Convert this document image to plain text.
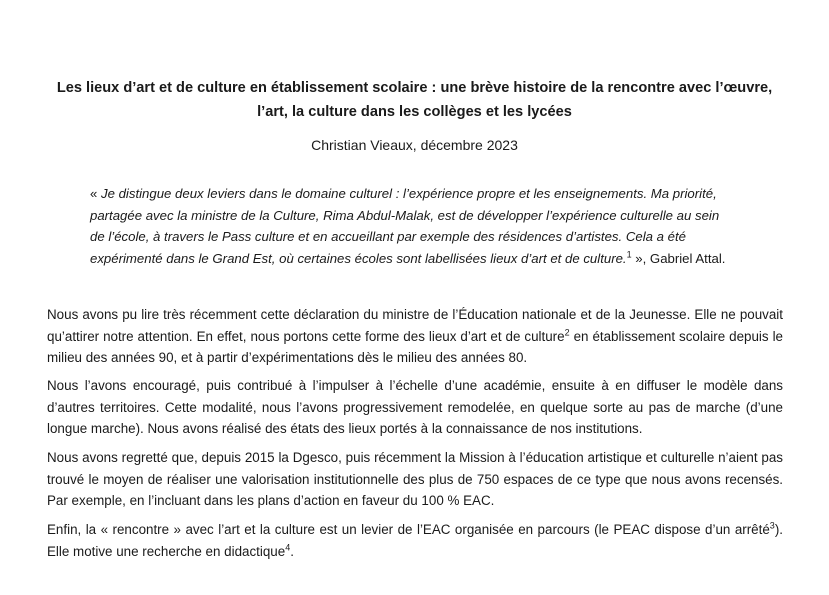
Les lieux d’art et de culture en établissement scolaire : une brève histoire de la rencontre avec l’œuvre, l’art, la culture dans les collèges et les lycées

Christian Vieaux, décembre 2023

« Je distingue deux leviers dans le domaine culturel : l’expérience propre et les enseignements. Ma priorité, partagée avec la ministre de la Culture, Rima Abdul-Malak, est de développer l’expérience culturelle au sein de l’école, à travers le Pass culture et en accueillant par exemple des résidences d’artistes. Cela a été expérimenté dans le Grand Est, où certaines écoles sont labellisées lieux d’art et de culture.$^1$ », Gabriel Attal.

Nous avons pu lire très récemment cette déclaration du ministre de l’Éducation nationale et de la Jeunesse. Elle ne pouvait qu’attirer notre attention. En effet, nous portons cette forme des lieux d’art et de culture$^2$ en établissement scolaire depuis le milieu des années 90, et à partir d’expérimentations dès le milieu des années 80.

Nous l’avons encouragé, puis contribué à l’impulser à l’échelle d’une académie, ensuite à en diffuser le modèle dans d’autres territoires. Cette modalité, nous l’avons progressivement remodelée, en quelque sorte au pas de marche (d’une longue marche). Nous avons réalisé des états des lieux portés à la connaissance de nos institutions.

Nous avons regretté que, depuis 2015 la Dgesco, puis récemment la Mission à l’éducation artistique et culturelle n’aient pas trouvé le moyen de réaliser une valorisation institutionnelle des plus de 750 espaces de ce type que nous avons recensés. Par exemple, en l’incluant dans les plans d’action en faveur du 100 % EAC.

Enfin, la « rencontre » avec l’art et la culture est un levier de l’EAC organisée en parcours (le PEAC dispose d’un arrêté$^3$). Elle motive une recherche en didactique$^4$.
